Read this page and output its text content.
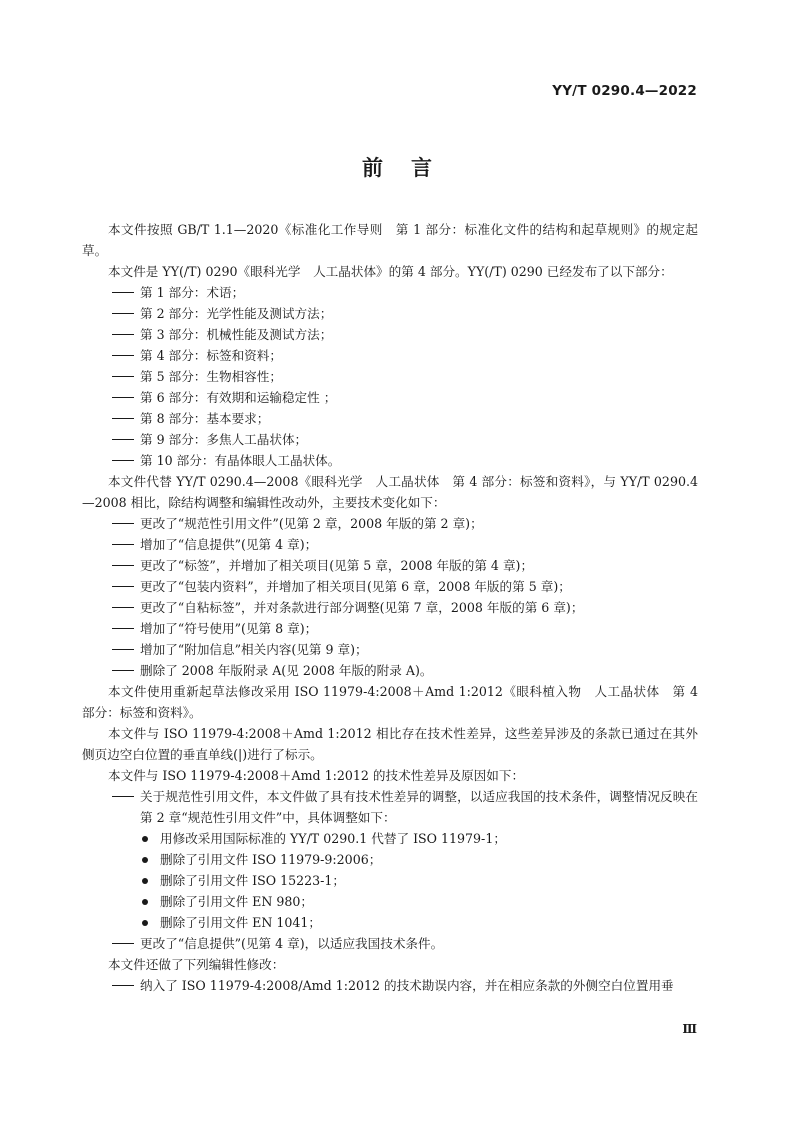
YY/T 0290.4—2022
前言

本文件按照 GB/T 1.1—2020《标准化工作导则　第 1 部分：标准化文件的结构和起草规则》的规定起草。

本文件是 YY(/T) 0290《眼科光学　人工晶状体》的第 4 部分。YY(/T) 0290 已经发布了以下部分：

第 1 部分：术语；

第 2 部分：光学性能及测试方法；

第 3 部分：机械性能及测试方法；

第 4 部分：标签和资料；

第 5 部分：生物相容性；

第 6 部分：有效期和运输稳定性 ；

第 8 部分：基本要求；

第 9 部分：多焦人工晶状体；

第 10 部分：有晶体眼人工晶状体。

本文件代替 YY/T 0290.4—2008《眼科光学　人工晶状体　第 4 部分：标签和资料》，与 YY/T 0290.4—2008 相比，除结构调整和编辑性改动外，主要技术变化如下：

更改了“规范性引用文件”(见第 2 章，2008 年版的第 2 章)；

增加了“信息提供”(见第 4 章)；

更改了“标签”，并增加了相关项目(见第 5 章，2008 年版的第 4 章)；

更改了“包装内资料”，并增加了相关项目(见第 6 章，2008 年版的第 5 章)；

更改了“自粘标签”，并对条款进行部分调整(见第 7 章，2008 年版的第 6 章)；

增加了“符号使用”(见第 8 章)；

增加了“附加信息”相关内容(见第 9 章)；

删除了 2008 年版附录 A(见 2008 年版的附录 A)。

本文件使用重新起草法修改采用 ISO 11979-4:2008＋Amd 1:2012《眼科植入物　人工晶状体　第 4 部分：标签和资料》。

本文件与 ISO 11979-4:2008＋Amd 1:2012 相比存在技术性差异，这些差异涉及的条款已通过在其外侧页边空白位置的垂直单线(|)进行了标示。

本文件与 ISO 11979-4:2008＋Amd 1:2012 的技术性差异及原因如下：

关于规范性引用文件，本文件做了具有技术性差异的调整，以适应我国的技术条件，调整情况反映在第 2 章“规范性引用文件”中，具体调整如下：

用修改采用国际标准的 YY/T 0290.1 代替了 ISO 11979-1；

删除了引用文件 ISO 11979-9:2006；

删除了引用文件 ISO 15223-1；

删除了引用文件 EN 980；

删除了引用文件 EN 1041；

更改了“信息提供”(见第 4 章)，以适应我国技术条件。

本文件还做了下列编辑性修改：

纳入了 ISO 11979-4:2008/Amd 1:2012 的技术勘误内容，并在相应条款的外侧空白位置用垂

Ⅲ
